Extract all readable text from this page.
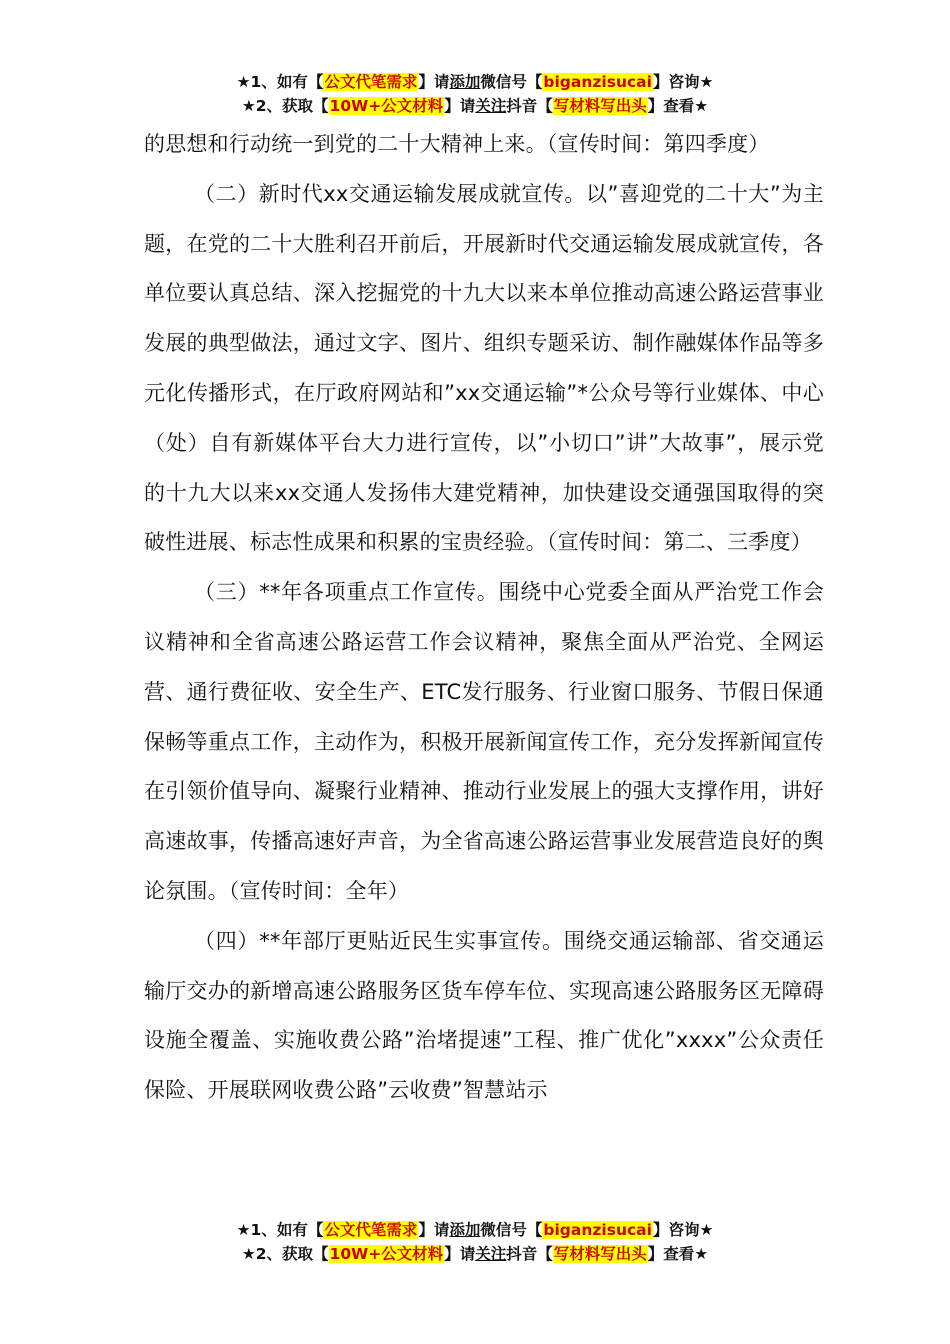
★1、如有【公文代笔需求】请添加微信号【biganzisucai】咨询★
★2、获取【10W+公文材料】请关注抖音【写材料写出头】查看★

的思想和行动统一到党的二十大精神上来。（宣传时间：第四季度）

（二）新时代xx交通运输发展成就宣传。以”喜迎党的二十大”为主题，在党的二十大胜利召开前后，开展新时代交通运输发展成就宣传，各单位要认真总结、深入挖掘党的十九大以来本单位推动高速公路运营事业发展的典型做法，通过文字、图片、组织专题采访、制作融媒体作品等多元化传播形式，在厅政府网站和”xx交通运输”*公众号等行业媒体、中心（处）自有新媒体平台大力进行宣传，以”小切口”讲”大故事”，展示党的十九大以来xx交通人发扬伟大建党精神，加快建设交通强国取得的突破性进展、标志性成果和积累的宝贵经验。（宣传时间：第二、三季度）

（三）**年各项重点工作宣传。围绕中心党委全面从严治党工作会议精神和全省高速公路运营工作会议精神，聚焦全面从严治党、全网运营、通行费征收、安全生产、ETC发行服务、行业窗口服务、节假日保通保畅等重点工作，主动作为，积极开展新闻宣传工作，充分发挥新闻宣传在引领价值导向、凝聚行业精神、推动行业发展上的强大支撑作用，讲好高速故事，传播高速好声音，为全省高速公路运营事业发展营造良好的舆论氛围。（宣传时间：全年）

（四）**年部厅更贴近民生实事宣传。围绕交通运输部、省交通运输厅交办的新增高速公路服务区货车停车位、实现高速公路服务区无障碍设施全覆盖、实施收费公路”治堵提速”工程、推广优化”xxxx”公众责任保险、开展联网收费公路”云收费”智慧站示

★1、如有【公文代笔需求】请添加微信号【biganzisucai】咨询★
★2、获取【10W+公文材料】请关注抖音【写材料写出头】查看★
